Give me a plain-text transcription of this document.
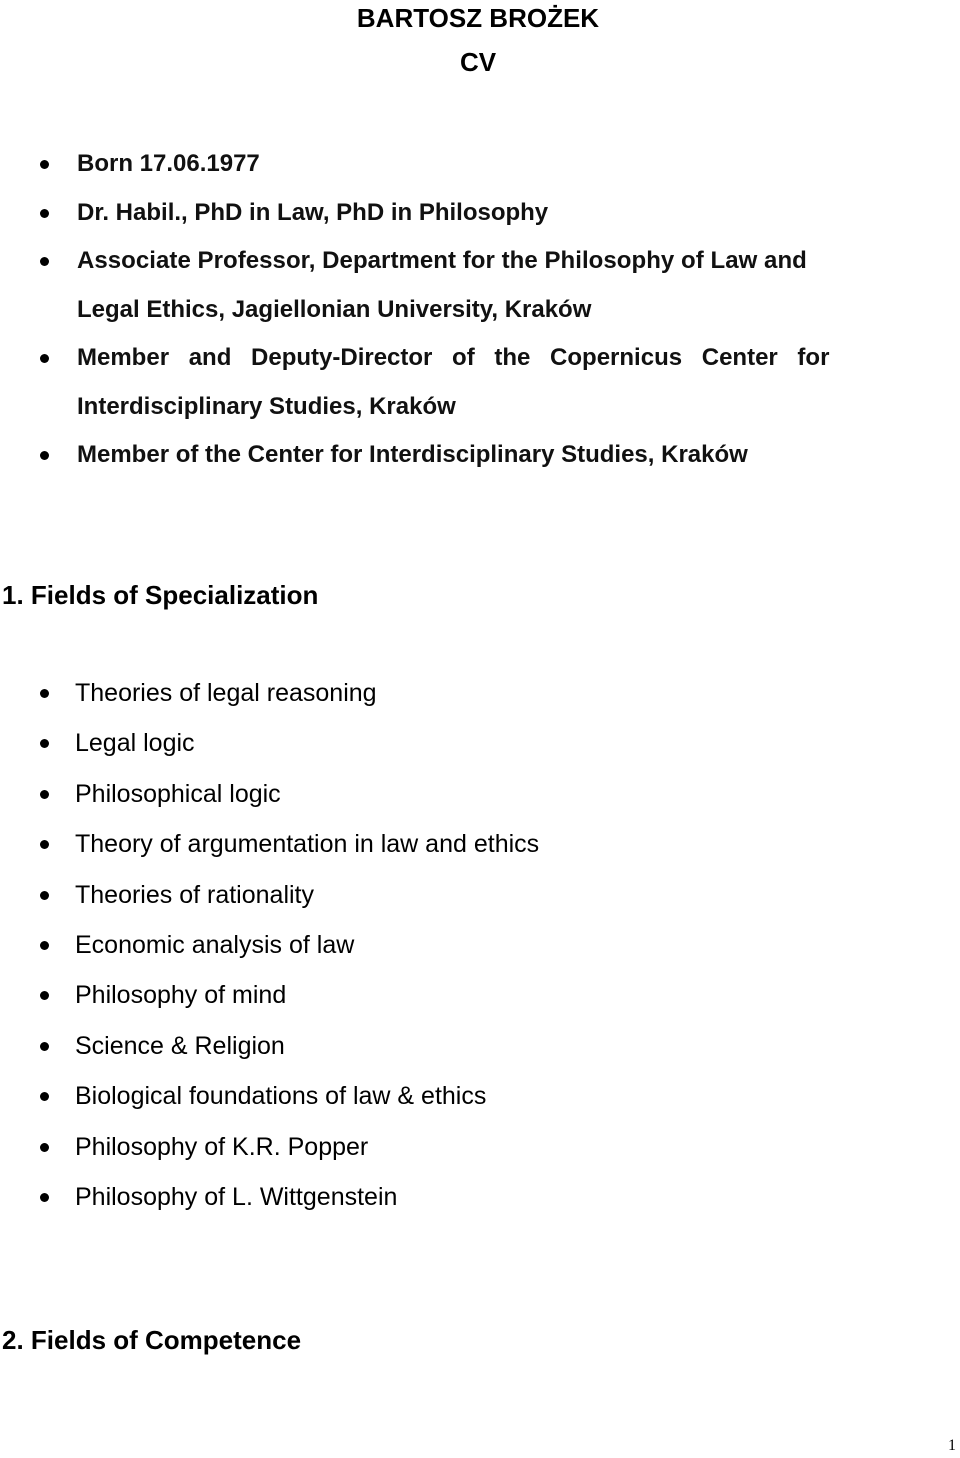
BARTOSZ BROŻEK
CV
Born 17.06.1977
Dr. Habil., PhD in Law, PhD in Philosophy
Associate Professor, Department for the Philosophy of Law and
Legal Ethics, Jagiellonian University, Kraków
Member and Deputy-Director of the Copernicus Center for
Interdisciplinary Studies, Kraków
Member of the Center for Interdisciplinary Studies, Kraków
1. Fields of Specialization
Theories of legal reasoning
Legal logic
Philosophical logic
Theory of argumentation in law and ethics
Theories of rationality
Economic analysis of law
Philosophy of mind
Science & Religion
Biological foundations of law & ethics
Philosophy of K.R. Popper
Philosophy of L. Wittgenstein
2. Fields of Competence
1
